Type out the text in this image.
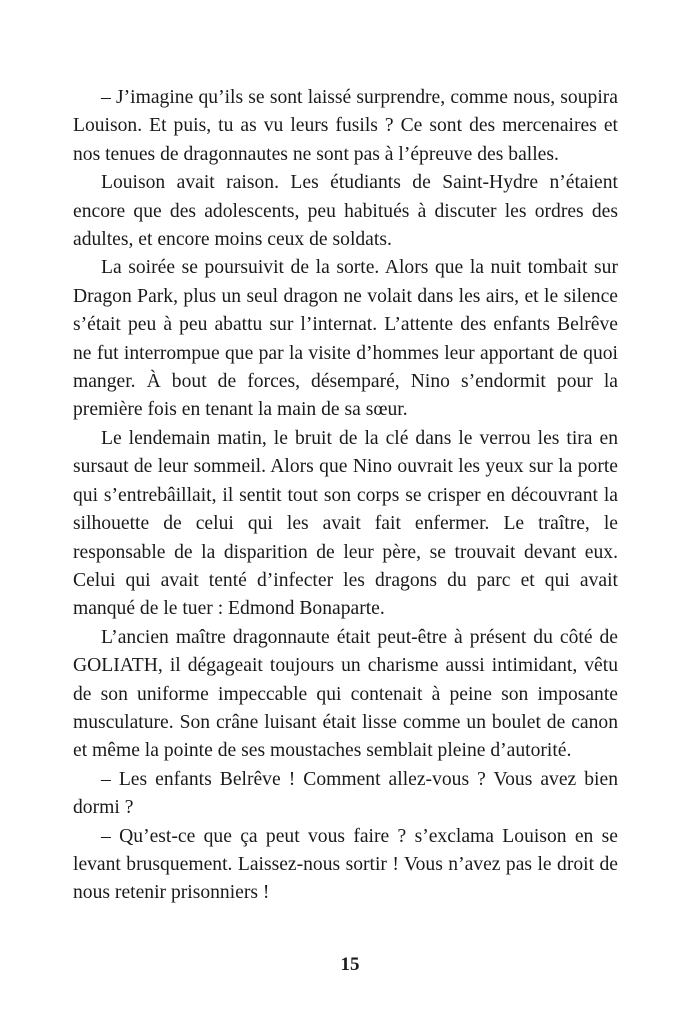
– J’imagine qu’ils se sont laissé surprendre, comme nous, soupira Louison. Et puis, tu as vu leurs fusils ? Ce sont des mercenaires et nos tenues de dragonnautes ne sont pas à l’épreuve des balles.

Louison avait raison. Les étudiants de Saint-Hydre n’étaient encore que des adolescents, peu habitués à discuter les ordres des adultes, et encore moins ceux de soldats.

La soirée se poursuivit de la sorte. Alors que la nuit tombait sur Dragon Park, plus un seul dragon ne volait dans les airs, et le silence s’était peu à peu abattu sur l’internat. L’attente des enfants Belrêve ne fut interrompue que par la visite d’hommes leur apportant de quoi manger. À bout de forces, désemparé, Nino s’endormit pour la première fois en tenant la main de sa sœur.

Le lendemain matin, le bruit de la clé dans le verrou les tira en sursaut de leur sommeil. Alors que Nino ouvrait les yeux sur la porte qui s’entrebâillait, il sentit tout son corps se crisper en découvrant la silhouette de celui qui les avait fait enfermer. Le traître, le responsable de la disparition de leur père, se trouvait devant eux. Celui qui avait tenté d’infecter les dragons du parc et qui avait manqué de le tuer : Edmond Bonaparte.

L’ancien maître dragonnaute était peut-être à présent du côté de GOLIATH, il dégageait toujours un charisme aussi intimidant, vêtu de son uniforme impeccable qui contenait à peine son imposante musculature. Son crâne luisant était lisse comme un boulet de canon et même la pointe de ses moustaches semblait pleine d’autorité.

– Les enfants Belrêve ! Comment allez-vous ? Vous avez bien dormi ?

– Qu’est-ce que ça peut vous faire ? s’exclama Louison en se levant brusquement. Laissez-nous sortir ! Vous n’avez pas le droit de nous retenir prisonniers !

15
